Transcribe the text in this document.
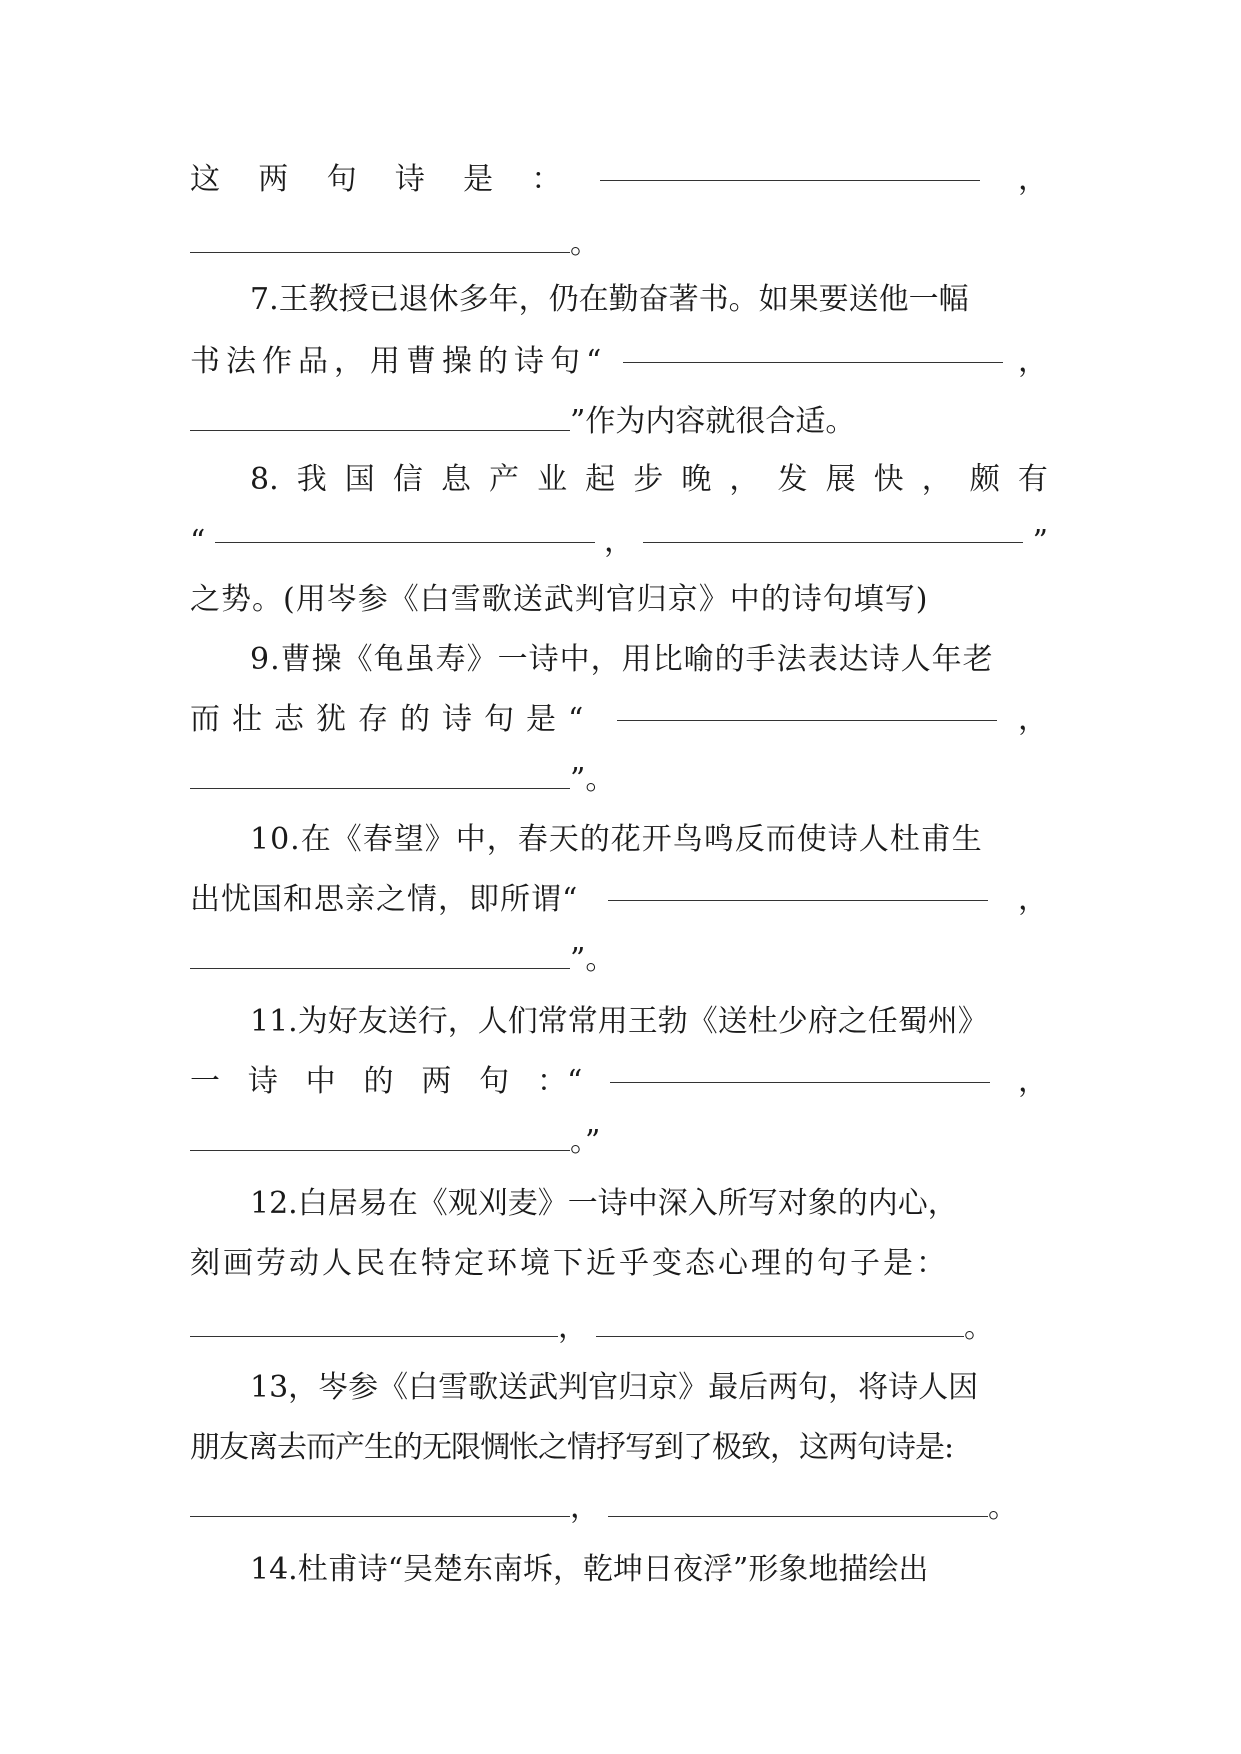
这 两 句 诗 是 ：	，
。
7.王教授已退休多年，仍在勤奋著书。如果要送他一幅
书法作品，用曹操的诗句“	，
”作为内容就很合适。
8. 我 国 信 息 产 业 起 步 晚 ， 发 展 快 ， 颇 有
“	，	”
之势。(用岑参《白雪歌送武判官归京》中的诗句填写)
9.曹操《龟虽寿》一诗中，用比喻的手法表达诗人年老
而壮志犹存的诗句是“	，
”。
10.在《春望》中，春天的花开鸟鸣反而使诗人杜甫生
出忧国和思亲之情，即所谓“	，
”。
11.为好友送行，人们常常用王勃《送杜少府之任蜀州》
一 诗 中 的 两 句 ：“	，
。”
12.白居易在《观刈麦》一诗中深入所写对象的内心，
刻画劳动人民在特定环境下近乎变态心理的句子是：
，	。
13，岑参《白雪歌送武判官归京》最后两句，将诗人因
朋友离去而产生的无限惆怅之情抒写到了极致，这两句诗是:
，	。
14.杜甫诗“吴楚东南坼，乾坤日夜浮”形象地描绘出
